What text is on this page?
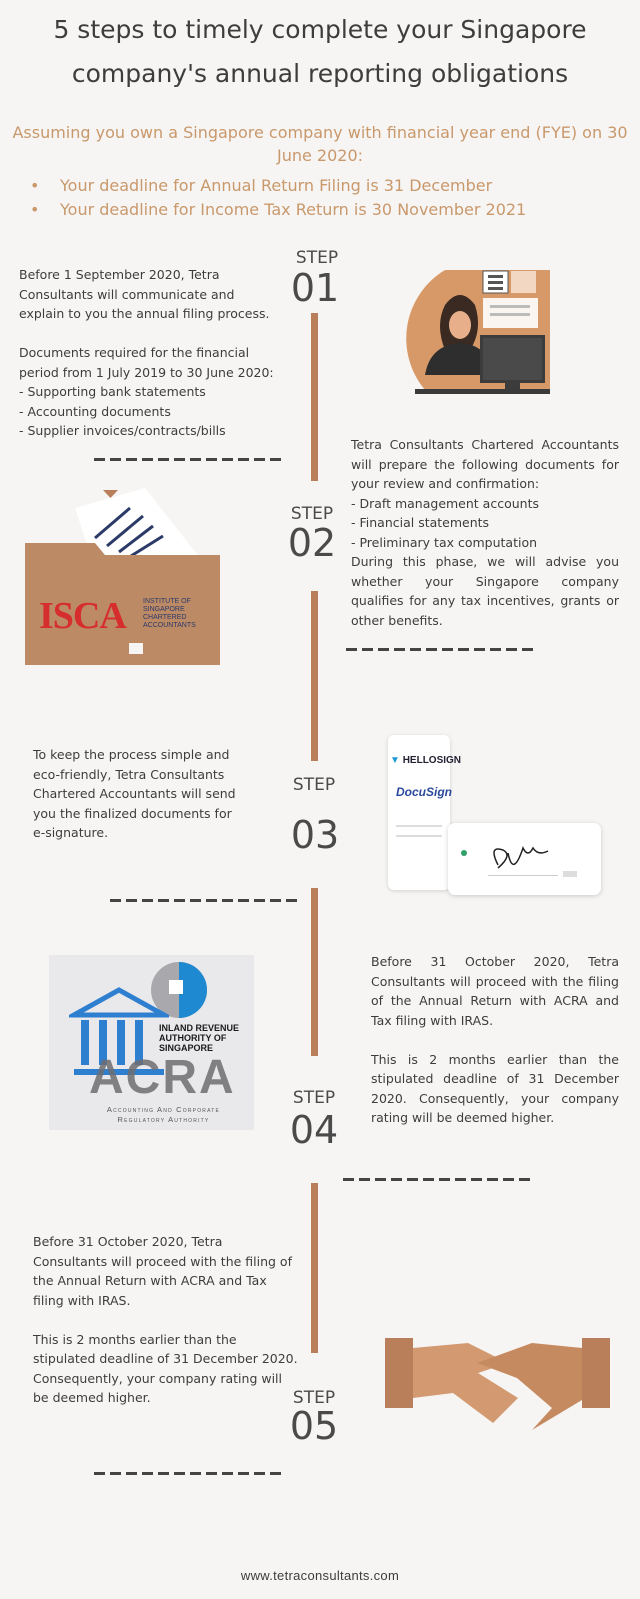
5 steps to timely complete your Singapore
company's annual reporting obligations
Assuming you own a Singapore company with financial year end (FYE) on 30 June 2020:
• Your deadline for Annual Return Filing is 31 December
• Your deadline for Income Tax Return is 30 November 2021
STEP
01
Before 1 September 2020, Tetra
Consultants will communicate and
explain to you the annual filing process.

Documents required for the financial
period from 1 July 2019 to 30 June 2020:
- Supporting bank statements
- Accounting documents
- Supplier invoices/contracts/bills
STEP
02
Tetra Consultants Chartered Accountants will prepare the following documents for your review and confirmation:
- Draft management accounts
- Financial statements
- Preliminary tax computation
During this phase, we will advise you whether your Singapore company qualifies for any tax incentives, grants or other benefits.
ISCA INSTITUTE OF
SINGAPORE
CHARTERED
ACCOUNTANTS
STEP
03
To keep the process simple and
eco-friendly, Tetra Consultants
Chartered Accountants will send
you the finalized documents for
e-signature.
▼ HELLOSIGN
DocuSign
Before 31 October 2020, Tetra Consultants will proceed with the filing of the Annual Return with ACRA and Tax filing with IRAS.

This is 2 months earlier than the stipulated deadline of 31 December 2020. Consequently, your company rating will be deemed higher.
STEP
04
INLAND REVENUE
AUTHORITY OF
SINGAPORE
ACRA
Accounting And Corporate
Regulatory Authority
Before 31 October 2020, Tetra
Consultants will proceed with the filing of
the Annual Return with ACRA and Tax
filing with IRAS.

This is 2 months earlier than the
stipulated deadline of 31 December 2020.
Consequently, your company rating will
be deemed higher.	STEP
05
www.tetraconsultants.com
